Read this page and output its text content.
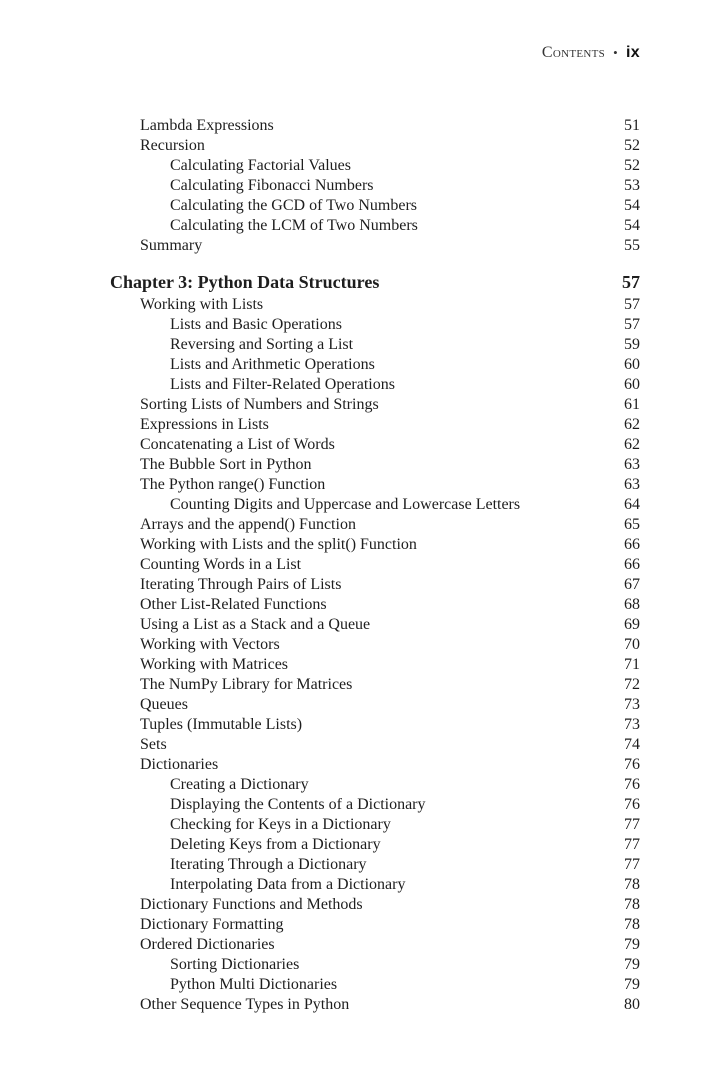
Contents • ix
Lambda Expressions	51
Recursion	52
Calculating Factorial Values	52
Calculating Fibonacci Numbers	53
Calculating the GCD of Two Numbers	54
Calculating the LCM of Two Numbers	54
Summary	55
Chapter 3: Python Data Structures	57
Working with Lists	57
Lists and Basic Operations	57
Reversing and Sorting a List	59
Lists and Arithmetic Operations	60
Lists and Filter-Related Operations	60
Sorting Lists of Numbers and Strings	61
Expressions in Lists	62
Concatenating a List of Words	62
The Bubble Sort in Python	63
The Python range() Function	63
Counting Digits and Uppercase and Lowercase Letters	64
Arrays and the append() Function	65
Working with Lists and the split() Function	66
Counting Words in a List	66
Iterating Through Pairs of Lists	67
Other List-Related Functions	68
Using a List as a Stack and a Queue	69
Working with Vectors	70
Working with Matrices	71
The NumPy Library for Matrices	72
Queues	73
Tuples (Immutable Lists)	73
Sets	74
Dictionaries	76
Creating a Dictionary	76
Displaying the Contents of a Dictionary	76
Checking for Keys in a Dictionary	77
Deleting Keys from a Dictionary	77
Iterating Through a Dictionary	77
Interpolating Data from a Dictionary	78
Dictionary Functions and Methods	78
Dictionary Formatting	78
Ordered Dictionaries	79
Sorting Dictionaries	79
Python Multi Dictionaries	79
Other Sequence Types in Python	80
